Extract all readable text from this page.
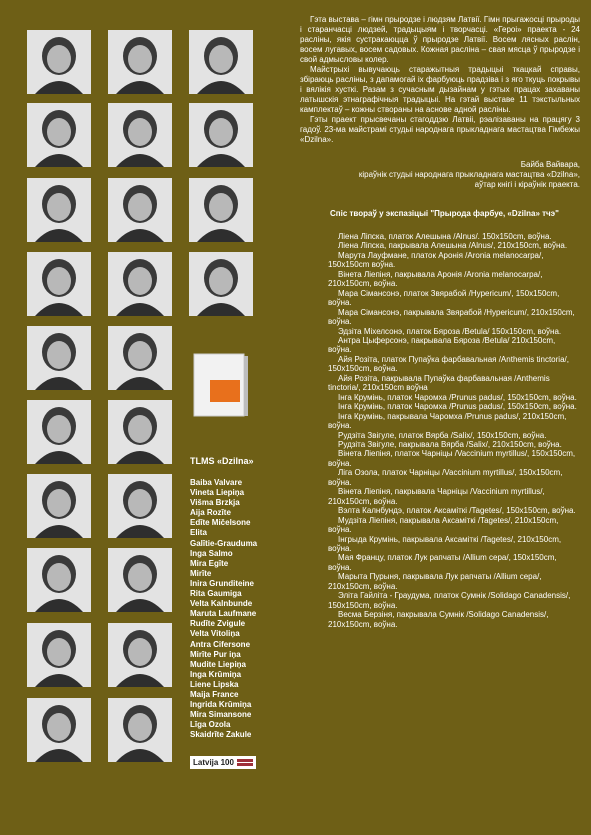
TLMS «Dzilna»
Baiba Valvare
Vineta Liepiņa
Višma Brzkja
Aija Rozīte
Edīte Mičelsone
Elita
Galītie-Grauduma
Inga Salmo
Mira Egīte
Mirīte
Inira Grunditeine
Rita Gaumiga
Velta Kalnbunde
Maruta Laufmane
Rudīte Zvigule
Velta Vitoliņa
Antra Cifersone
Mirīte Pur iņa
Mudite Liepiņa
Inga Krūmiņa
Liene Lipska
Maija France
Ingrida Krūmiņa
Mira Simansone
Līga Ozola
Skaidrīte Zakule
Latvija 100

Гэта выстава – гімн прыродзе і людзям Латвії. Гімн прыгажосці прыроды і старанчасці людзей, традыцыям і творчасці. «Героі» праекта - 24 расліны, якія сустракаюцца ў прыродзе Латвії. Восем лясных раслін, восем лугавых, восем садовых. Кожная расліна – свая мясца ў прыродзе і свой адмысловы колер.

Майстрыхі вывучаюць старажытныя традыцыі ткацкай справы, збіраюць расліны, з дапамогай іх фарбуюць прадзіва і з яго ткуць покрывы і вялікія хусткі. Разам з сучасным дызайнам у гэтых працах захаваны латышскія этнаграфічныя традыцыі. На гэтай выставе 11 тэкстыльных камплектаў – кожны створаны на аснове адной расліны.

Гэты праект прысвечаны стагоддзю Латвіі, рэалізаваны на працягу 3 гадоў. 23-ма майстрамі студыі народнага прыкладнага мастацтва Гімбежы «Dzilna».

Байба Вайвара,

кіраўнік студыі народнага прыкладнага мастацтва «Dzilna»,

аўтар кнігі і кіраўнік праекта.

Спіс твораў у экспазіцыі "Прырода фарбуе, «Dzilna» тчэ"
Ліена Ліпска, платок Алешына /Alnus/. 150x150cm, воўна.
Ліена Ліпска, пакрывала Алешына /Alnus/, 210x150cm, воўна.
Марута Лауфмане, платок Аронія /Aronia melanocarpa/, 150x150cm воўна.
Вінета Ліепіня, пакрывала Аронія /Aronia melanocarpa/, 210x150cm, воўна.
Мара Сіманcонэ, платок Звярабой /Hypericum/, 150x150cm, воўна.
Мара Сіманcонэ, пакрывала Звярабой /Hypericum/, 210x150cm, воўна.
Эдзіта Міхелсонэ, платок Бяроза /Betula/ 150x150cm, воўна.
Антра Цыферсонэ, пакрывала Бяроза /Betula/ 210x150cm, воўна.
Айя Розіта, платок Пупаўка фарбавальная /Anthemis tinctoria/, 150x150cm, воўна.
Айя Розіта, пакрывала Пупаўка фарбавальная /Anthemis tinctoria/, 210x150cm воўна
Інга Крумінь, платок Чаромха /Prunus padus/, 150x150cm, воўна.
Інга Крумінь, платок Чаромха /Prunus padus/, 150x150cm, воўна.
Інга Крумінь, пакрывала Чаромха /Prunus padus/, 210x150cm, воўна.
Рудзіта Звігуле, платок Вярба /Salix/, 150x150cm, воўна.
Рудзіта Звігуле, пакрывала Вярба /Salix/, 210x150cm, воўна.
Вінета Ліепіня, платок Чарніцы /Vaccinium myrtillus/, 150x150cm, воўна.
Ліга Озола, платок Чарніцы /Vaccinium myrtillus/, 150x150cm, воўна.
Вінета Ліепіня, пакрывала Чарніцы /Vaccinium myrtillus/, 210x150cm, воўна.
Вэлта Калнбундэ, платок Аксаміткі /Tagetes/, 150x150cm, воўна.
Мудзіта Ліепіня, пакрывала Аксаміткі /Tagetes/, 210x150cm, воўна.
Інгрыда Крумінь, пакрывала Аксаміткі /Tagetes/, 210x150cm, воўна.
Мая Францу, платок Лук рапчаты /Allium cepa/, 150x150cm, воўна.
Марыта Пурыня, пакрывала Лук рапчаты /Allium cepa/, 210x150cm, воўна.
Эліта Гайліта - Граудума, платок Сумнік /Solidago Canadensis/, 150x150cm, воўна.
Весма Берзіня, пакрывала Сумнік /Solidago Canadensis/, 210x150cm, воўна.
